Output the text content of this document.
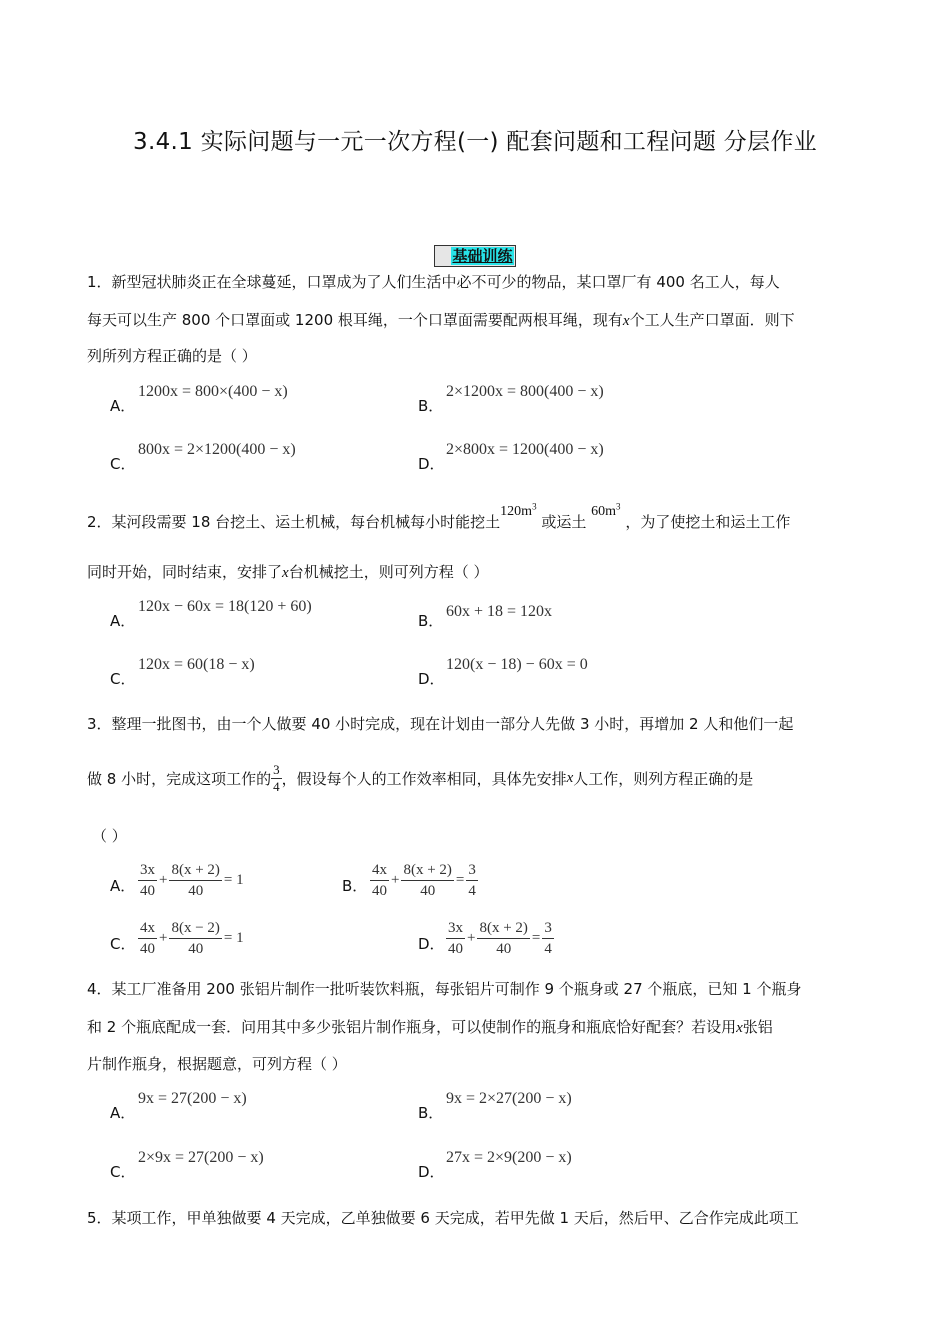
3.4.1 实际问题与一元一次方程(一) 配套问题和工程问题 分层作业
基础训练
1．新型冠状肺炎正在全球蔓延，口罩成为了人们生活中必不可少的物品，某口罩厂有 400 名工人，每人
每天可以生产 800 个口罩面或 1200 根耳绳，一个口罩面需要配两根耳绳，现有x个工人生产口罩面．则下
列所列方程正确的是（ ）
A．
1200x = 800×(400 − x)
B．
2×1200x = 800(400 − x)
C．
800x = 2×1200(400 − x)
D．
2×800x = 1200(400 − x)
2．某河段需要 18 台挖土、运土机械，每台机械每小时能挖土$120m^3$ 或运土 $60m^3$ ，为了使挖土和运土工作
同时开始，同时结束，安排了x台机械挖土，则可列方程（ ）
A．
120x − 60x = 18(120 + 60)
B．
60x + 18 = 120x
C．
120x = 60(18 − x)
D．
120(x − 18) − 60x = 0
3．整理一批图书，由一个人做要 40 小时完成，现在计划由一部分人先做 3 小时，再增加 2 人和他们一起
做 8 小时，完成这项工作的 $\frac{3}{4}$ ，假设每个人的工作效率相同，具体先安排 x 人工作，则列方程正确的是
（ ）
A． $\frac{3x}{40} + \frac{8(x + 2)}{40} = 1$	B． $\frac{4x}{40} + \frac{8(x + 2)}{40} = \frac{3}{4}$
C． $\frac{4x}{40} + \frac{8(x - 2)}{40} = 1$	D． $\frac{3x}{40} + \frac{8(x + 2)}{40} = \frac{3}{4}$
4．某工厂准备用 200 张铝片制作一批听装饮料瓶，每张铝片可制作 9 个瓶身或 27 个瓶底，已知 1 个瓶身
和 2 个瓶底配成一套．问用其中多少张铝片制作瓶身，可以使制作的瓶身和瓶底恰好配套？若设用x张铝
片制作瓶身，根据题意，可列方程（ ）
A．
9x = 27(200 − x)
B．
9x = 2×27(200 − x)
C．
2×9x = 27(200 − x)
D．
27x = 2×9(200 − x)
5．某项工作，甲单独做要 4 天完成，乙单独做要 6 天完成，若甲先做 1 天后，然后甲、乙合作完成此项工
